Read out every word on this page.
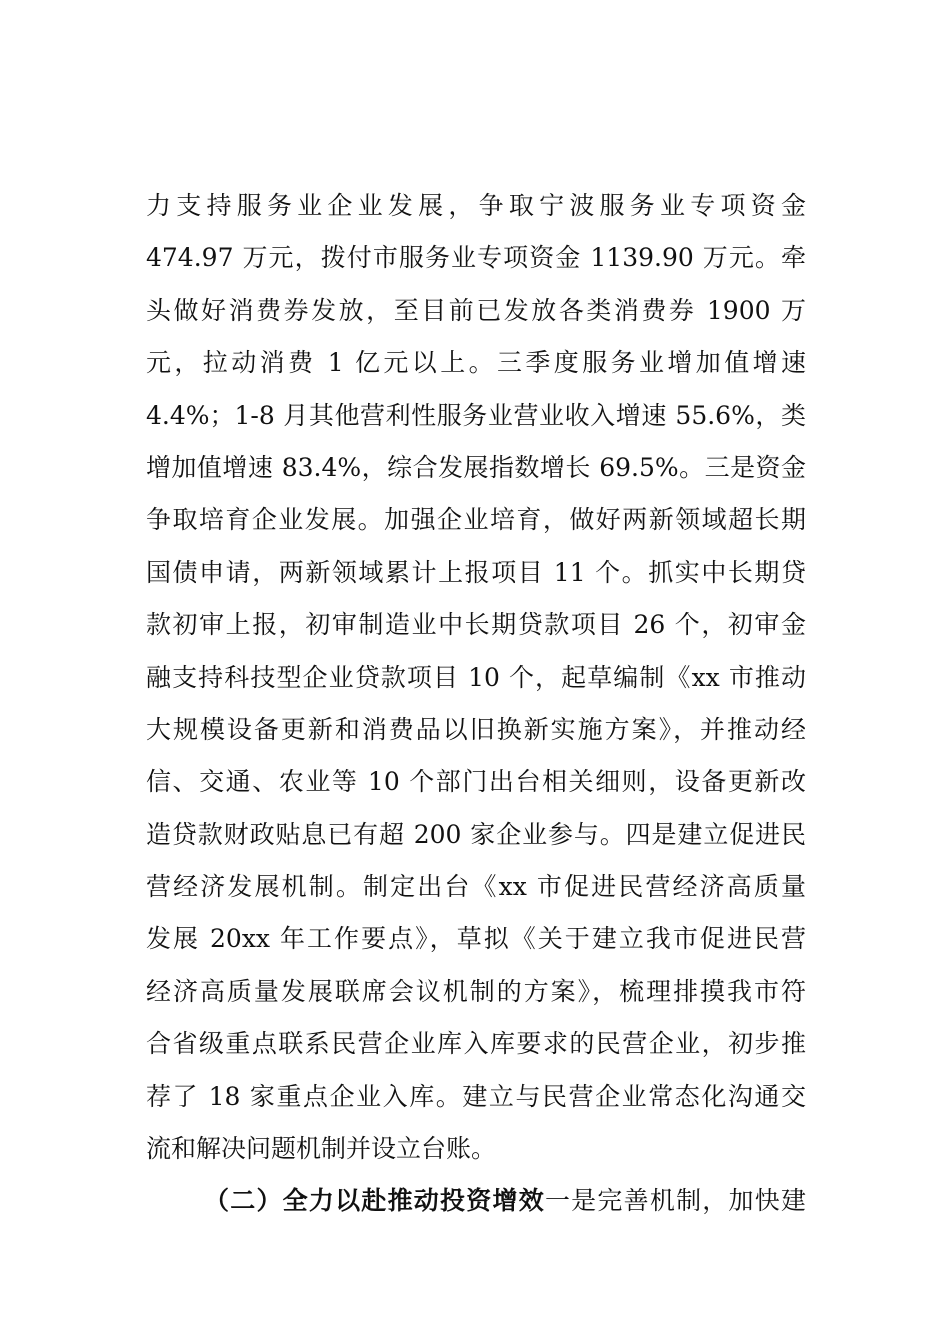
力支持服务业企业发展，争取宁波服务业专项资金
474.97 万元，拨付市服务业专项资金 1139.90 万元。牵
头做好消费券发放，至目前已发放各类消费券 1900 万
元，拉动消费 1 亿元以上。三季度服务业增加值增速
4.4%；1-8 月其他营利性服务业营业收入增速 55.6%，类
增加值增速 83.4%，综合发展指数增长 69.5%。三是资金
争取培育企业发展。加强企业培育，做好两新领域超长期
国债申请，两新领域累计上报项目 11 个。抓实中长期贷
款初审上报，初审制造业中长期贷款项目 26 个，初审金
融支持科技型企业贷款项目 10 个，起草编制《xx 市推动
大规模设备更新和消费品以旧换新实施方案》，并推动经
信、交通、农业等 10 个部门出台相关细则，设备更新改
造贷款财政贴息已有超 200 家企业参与。四是建立促进民
营经济发展机制。制定出台《xx 市促进民营经济高质量
发展 20xx 年工作要点》，草拟《关于建立我市促进民营
经济高质量发展联席会议机制的方案》，梳理排摸我市符
合省级重点联系民营企业库入库要求的民营企业，初步推
荐了 18 家重点企业入库。建立与民营企业常态化沟通交
流和解决问题机制并设立台账。
（二）全力以赴推动投资增效一是完善机制，加快建
